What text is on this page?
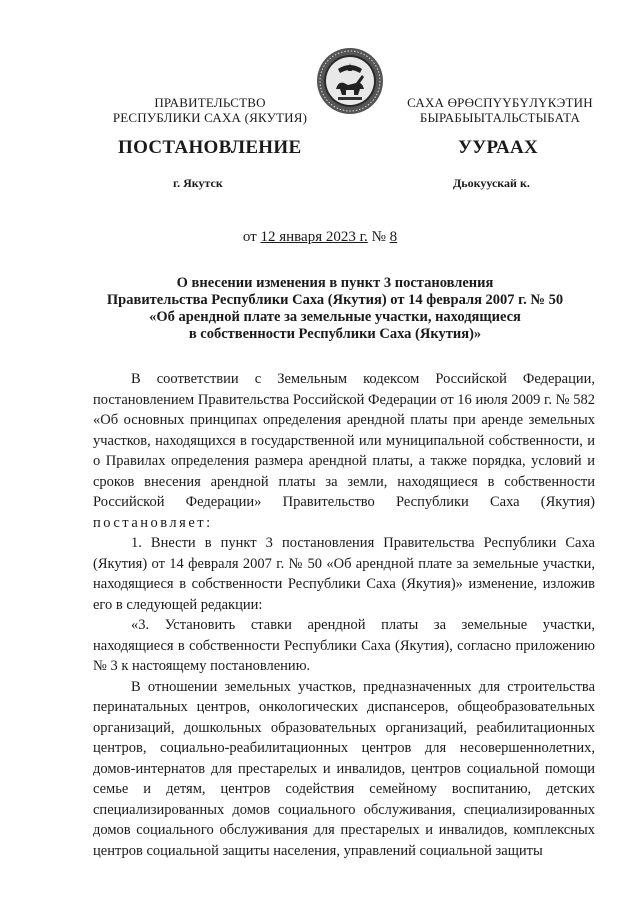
ПРАВИТЕЛЬСТВО
РЕСПУБЛИКИ САХА (ЯКУТИЯ)
САХА ӨРӨСПҮҮБҮЛҮКЭТИН
БЫРАБЫЫТАЛЬСТЫБАТА
ПОСТАНОВЛЕНИЕ	УУРААХ
г. Якутск	Дьокуускай к.
от 12 января 2023 г. № 8
О внесении изменения в пункт 3 постановления
Правительства Республики Саха (Якутия) от 14 февраля 2007 г. № 50
«Об арендной плате за земельные участки, находящиеся
в собственности Республики Саха (Якутия)»

В соответствии с Земельным кодексом Российской Федерации, постановлением Правительства Российской Федерации от 16 июля 2009 г. № 582 «Об основных принципах определения арендной платы при аренде земельных участков, находящихся в государственной или муниципальной собственности, и о Правилах определения размера арендной платы, а также порядка, условий и сроков внесения арендной платы за земли, находящиеся в собственности Российской Федерации» Правительство Республики Саха (Якутия) постановляет:

1. Внести в пункт 3 постановления Правительства Республики Саха (Якутия) от 14 февраля 2007 г. № 50 «Об арендной плате за земельные участки, находящиеся в собственности Республики Саха (Якутия)» изменение, изложив его в следующей редакции:

«3. Установить ставки арендной платы за земельные участки, находящиеся в собственности Республики Саха (Якутия), согласно приложению № 3 к настоящему постановлению.

В отношении земельных участков, предназначенных для строительства перинатальных центров, онкологических диспансеров, общеобразовательных организаций, дошкольных образовательных организаций, реабилитационных центров, социально-реабилитационных центров для несовершеннолетних, домов-интернатов для престарелых и инвалидов, центров социальной помощи семье и детям, центров содействия семейному воспитанию, детских специализированных домов социального обслуживания, специализированных домов социального обслуживания для престарелых и инвалидов, комплексных центров социальной защиты населения, управлений социальной защиты
